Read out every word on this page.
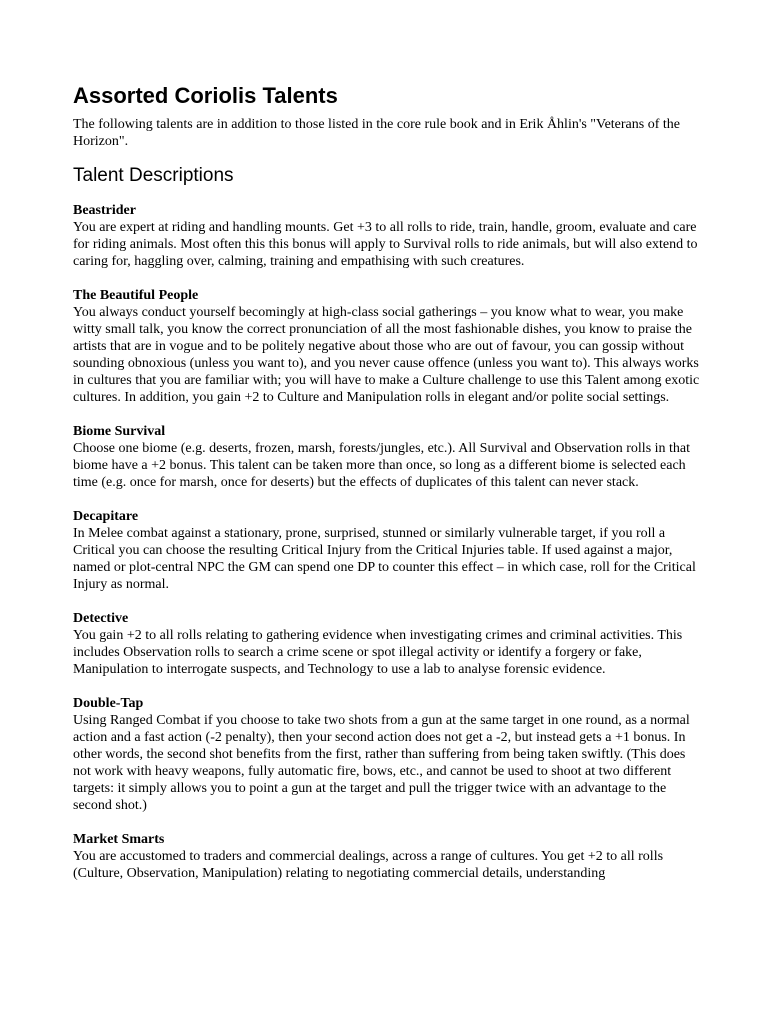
Assorted Coriolis Talents

The following talents are in addition to those listed in the core rule book and in Erik Åhlin's "Veterans of the Horizon".

Talent Descriptions

Beastrider

You are expert at riding and handling mounts. Get +3 to all rolls to ride, train, handle, groom, evaluate and care for riding animals. Most often this this bonus will apply to Survival rolls to ride animals, but will also extend to caring for, haggling over, calming, training and empathising with such creatures.

The Beautiful People

You always conduct yourself becomingly at high-class social gatherings – you know what to wear, you make witty small talk, you know the correct pronunciation of all the most fashionable dishes, you know to praise the artists that are in vogue and to be politely negative about those who are out of favour, you can gossip without sounding obnoxious (unless you want to), and you never cause offence (unless you want to). This always works in cultures that you are familiar with; you will have to make a Culture challenge to use this Talent among exotic cultures. In addition, you gain +2 to Culture and Manipulation rolls in elegant and/or polite social settings.

Biome Survival

Choose one biome (e.g. deserts, frozen, marsh, forests/jungles, etc.). All Survival and Observation rolls in that biome have a +2 bonus. This talent can be taken more than once, so long as a different biome is selected each time (e.g. once for marsh, once for deserts) but the effects of duplicates of this talent can never stack.

Decapitare

In Melee combat against a stationary, prone, surprised, stunned or similarly vulnerable target, if you roll a Critical you can choose the resulting Critical Injury from the Critical Injuries table. If used against a major, named or plot-central NPC the GM can spend one DP to counter this effect – in which case, roll for the Critical Injury as normal.

Detective

You gain +2 to all rolls relating to gathering evidence when investigating crimes and criminal activities. This includes Observation rolls to search a crime scene or spot illegal activity or identify a forgery or fake, Manipulation to interrogate suspects, and Technology to use a lab to analyse forensic evidence.

Double-Tap

Using Ranged Combat if you choose to take two shots from a gun at the same target in one round, as a normal action and a fast action (-2 penalty), then your second action does not get a -2, but instead gets a +1 bonus. In other words, the second shot benefits from the first, rather than suffering from being taken swiftly. (This does not work with heavy weapons, fully automatic fire, bows, etc., and cannot be used to shoot at two different targets: it simply allows you to point a gun at the target and pull the trigger twice with an advantage to the second shot.)

Market Smarts

You are accustomed to traders and commercial dealings, across a range of cultures. You get +2 to all rolls (Culture, Observation, Manipulation) relating to negotiating commercial details, understanding
